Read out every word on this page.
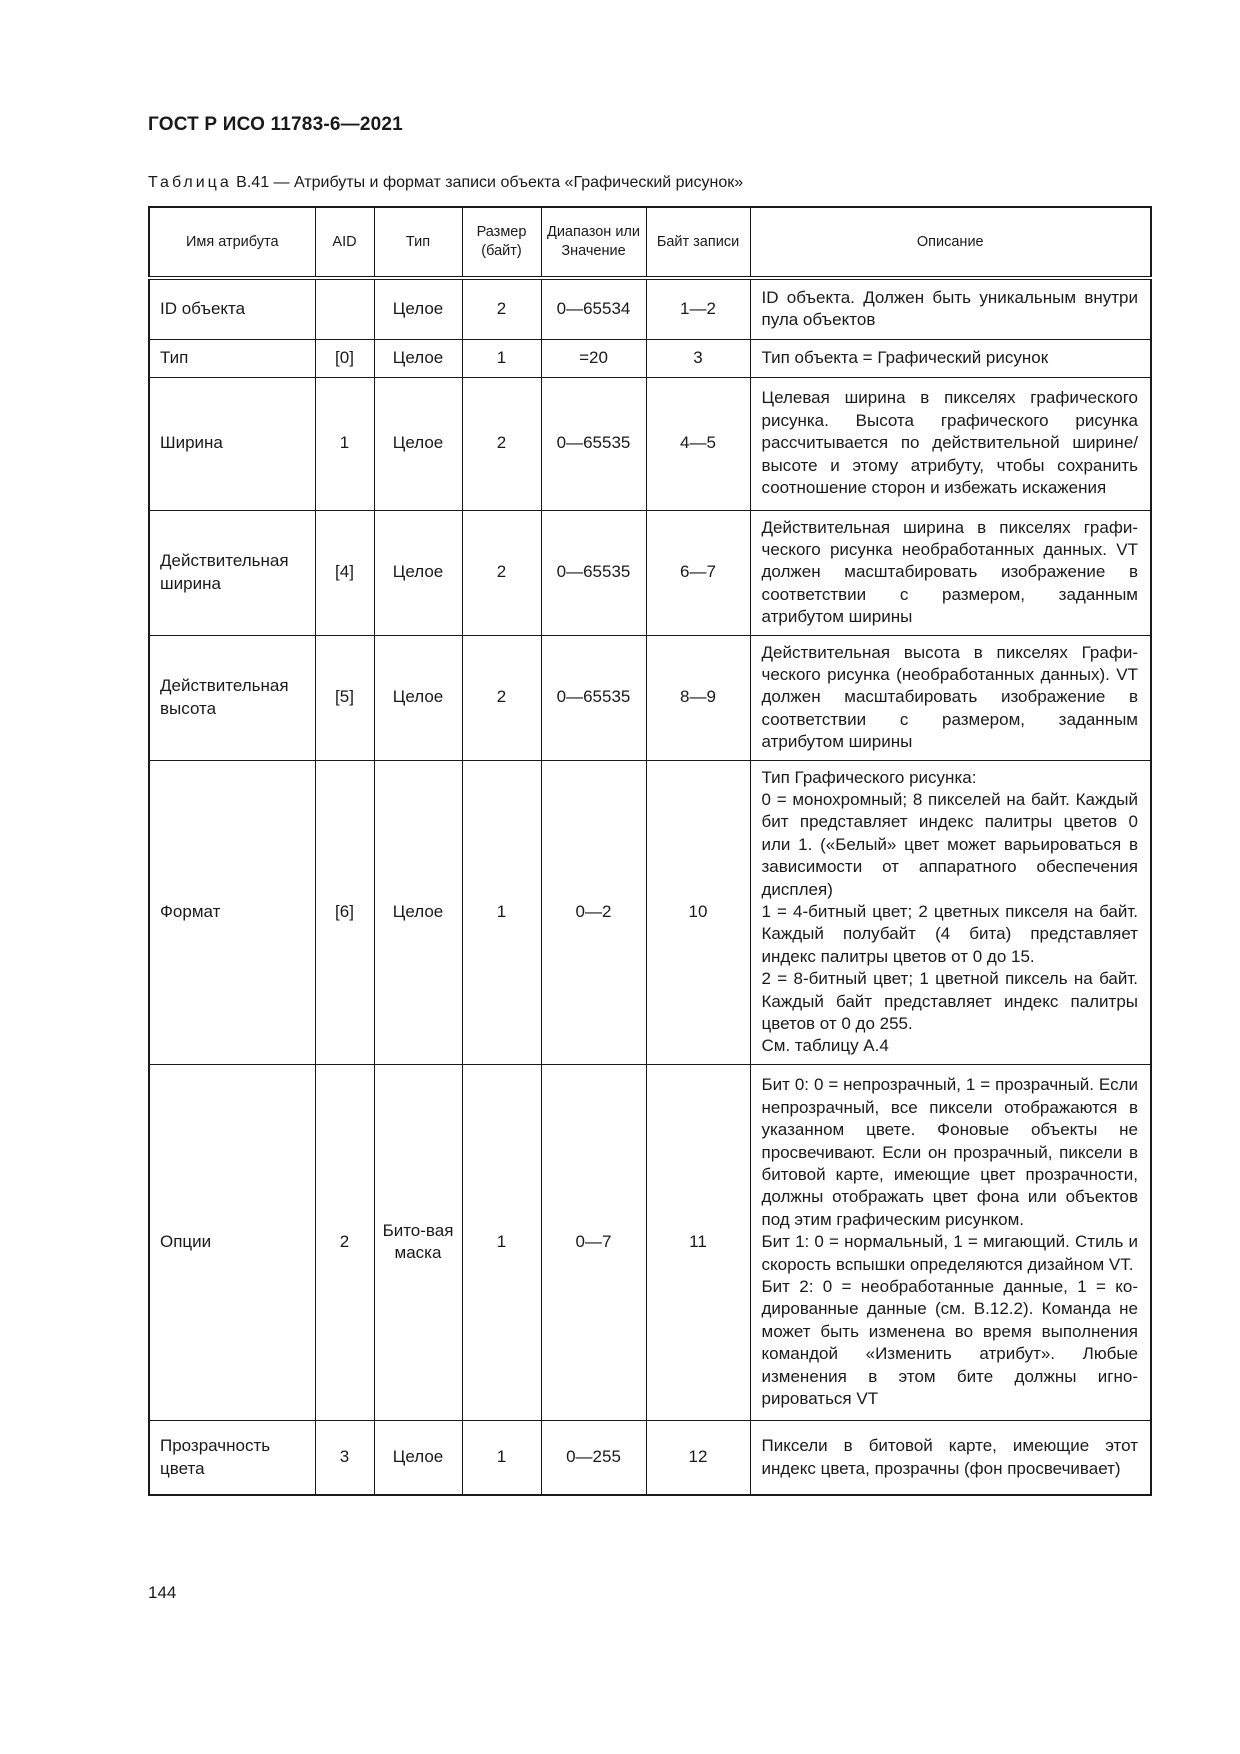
ГОСТ Р ИСО 11783-6—2021
Таблица B.41 — Атрибуты и формат записи объекта «Графический рисунок»
Имя атрибута	AID	Тип	Размер (байт)	Диапазон или Значение	Байт записи	Описание
ID объекта		Целое	2	0—65534	1—2	ID объекта. Должен быть уникальным внутри пула объектов

Тип	[0]	Целое	1	=20	3	Тип объекта = Графический рисунок

Ширина	1	Целое	2	0—65535	4—5	Целевая ширина в пикселях графического рисунка. Высота графического рисунка рассчитывается по действительной ширине/высоте и этому атрибуту, чтобы сохранить соотношение сторон и избежать искажения

Действительная ширина	[4]	Целое	2	0—65535	6—7	Действительная ширина в пикселях графического рисунка необработанных данных. VT должен масштабировать изображение в соответствии с размером, заданным атрибутом ширины

Действительная высота	[5]	Целое	2	0—65535	8—9	Действительная высота в пикселях Графического рисунка (необработанных данных). VT должен масштабировать изображение в соответствии с размером, заданным атрибутом ширины

Формат	[6]	Целое	1	0—2	10	Тип Графического рисунка:
0 = монохромный; 8 пикселей на байт. Каждый бит представляет индекс палитры цветов 0 или 1. («Белый» цвет может варьироваться в зависимости от аппаратного обеспечения дисплея)
1 = 4-битный цвет; 2 цветных пикселя на байт. Каждый полубайт (4 бита) представляет индекс палитры цветов от 0 до 15.
2 = 8-битный цвет; 1 цветной пиксель на байт. Каждый байт представляет индекс палитры цветов от 0 до 255.
См. таблицу A.4

Опции	2	Бито-вая маска	1	0—7	11	Бит 0: 0 = непрозрачный, 1 = прозрачный. Если непрозрачный, все пиксели отображаются в указанном цвете. Фоновые объекты не просвечивают. Если он прозрачный, пиксели в битовой карте, имеющие цвет прозрачности, должны отображать цвет фона или объектов под этим графическим рисунком.
Бит 1: 0 = нормальный, 1 = мигающий. Стиль и скорость вспышки определяются дизайном VT.
Бит 2: 0 = необработанные данные, 1 = кодированные данные (см. B.12.2). Команда не может быть изменена во время выполнения командой «Изменить атрибут». Любые изменения в этом бите должны игнорироваться VT

Прозрачность цвета	3	Целое	1	0—255	12	Пиксели в битовой карте, имеющие этот индекс цвета, прозрачны (фон просвечивает)
144
